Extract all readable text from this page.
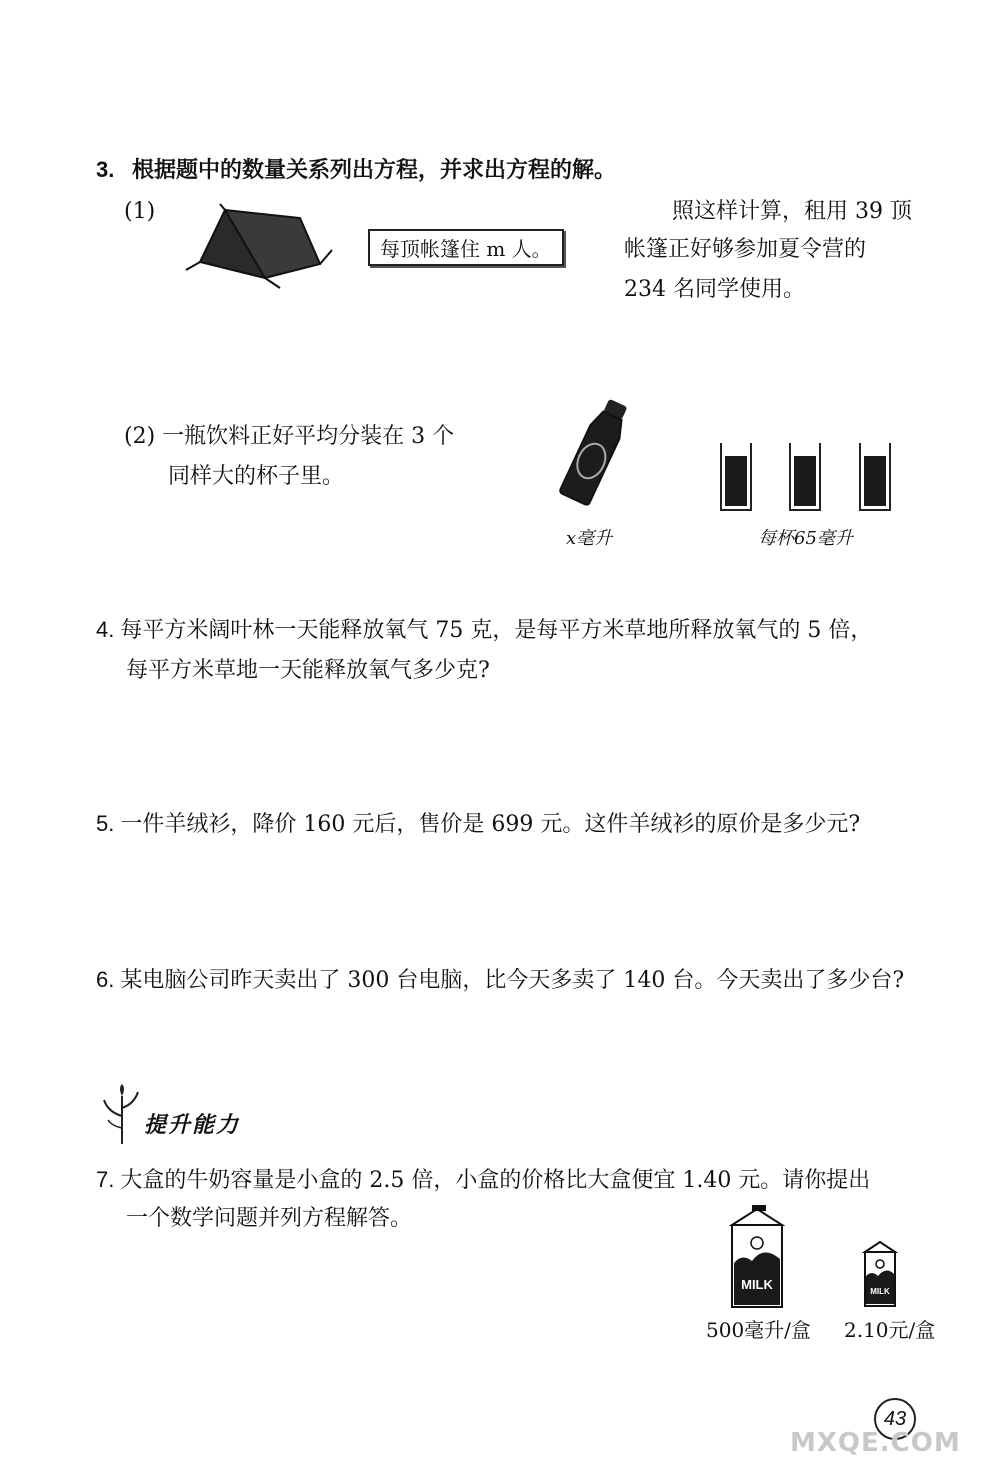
3. 根据题中的数量关系列出方程，并求出方程的解。
(1)
每顶帐篷住 m 人。
照这样计算，租用 39 顶
帐篷正好够参加夏令营的
234 名同学使用。
(2) 一瓶饮料正好平均分装在 3 个
同样大的杯子里。
x毫升	每杯65毫升
4. 每平方米阔叶林一天能释放氧气 75 克，是每平方米草地所释放氧气的 5 倍，
每平方米草地一天能释放氧气多少克?
5. 一件羊绒衫，降价 160 元后，售价是 699 元。这件羊绒衫的原价是多少元?
6. 某电脑公司昨天卖出了 300 台电脑，比今天多卖了 140 台。今天卖出了多少台?
提升能力
7. 大盒的牛奶容量是小盒的 2.5 倍，小盒的价格比大盒便宜 1.40 元。请你提出
一个数学问题并列方程解答。
MILK	MILK
500毫升/盒 2.10元/盒
43
MXQE.COM
